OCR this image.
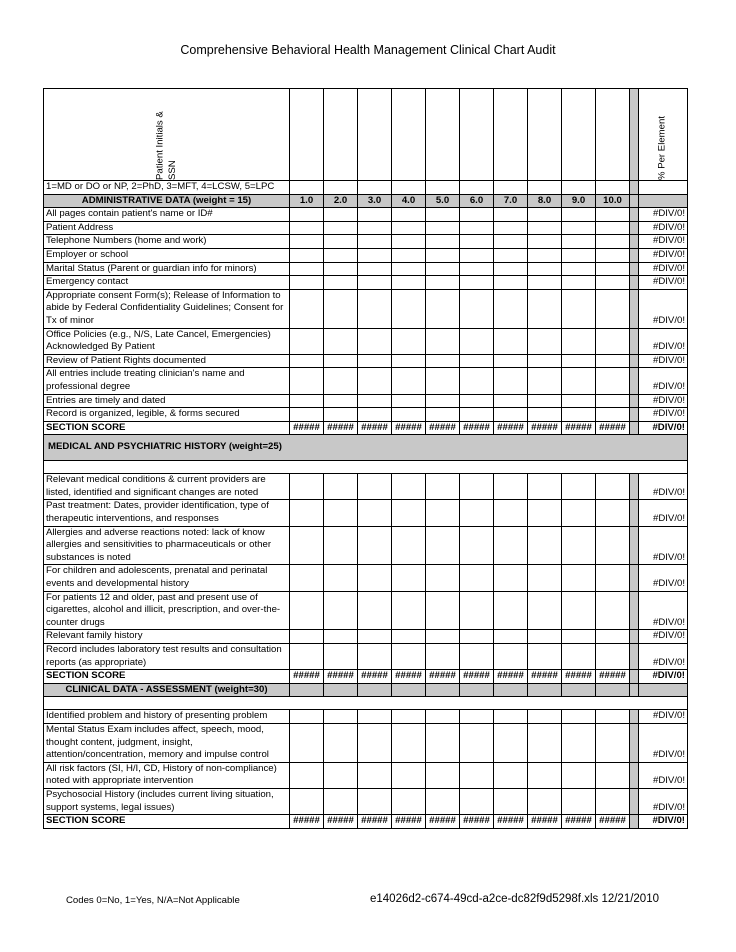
Comprehensive Behavioral Health Management Clinical Chart Audit
Patient Initials & SSN												% Per Element

1=MD or DO or NP, 2=PhD, 3=MFT, 4=LCSW, 5=LPC												
ADMINISTRATIVE DATA (weight = 15)	1.0	2.0	3.0	4.0	5.0	6.0	7.0	8.0	9.0	10.0		
All pages contain patient's name or ID#												#DIV/0!
Patient Address												#DIV/0!
Telephone Numbers (home and work)												#DIV/0!
Employer or school												#DIV/0!
Marital Status (Parent or guardian info for minors)												#DIV/0!
Emergency contact												#DIV/0!
Appropriate consent Form(s); Release of Information to abide by Federal Confidentiality Guidelines; Consent for Tx of minor												#DIV/0!
Office Policies (e.g., N/S, Late Cancel, Emergencies) Acknowledged By Patient												#DIV/0!
Review of Patient Rights documented												#DIV/0!
All entries include treating clinician's name and professional degree												#DIV/0!
Entries are timely and dated												#DIV/0!
Record is organized, legible, & forms secured												#DIV/0!
SECTION SCORE	#####	#####	#####	#####	#####	#####	#####	#####	#####	#####		#DIV/0!
MEDICAL AND PSYCHIATRIC HISTORY (weight=25)												

Relevant medical conditions & current providers are listed, identified and significant changes are noted												#DIV/0!
Past treatment: Dates, provider identification, type of therapeutic interventions, and responses												#DIV/0!
Allergies and adverse reactions noted: lack of know allergies and sensitivities to pharmaceuticals or other substances is noted												#DIV/0!
For children and adolescents, prenatal and perinatal events and developmental history												#DIV/0!
For patients 12 and older, past and present use of cigarettes, alcohol and illicit, prescription, and over-the-counter drugs												#DIV/0!
Relevant family history												#DIV/0!
Record includes laboratory test results and consultation reports (as appropriate)												#DIV/0!
SECTION SCORE	#####	#####	#####	#####	#####	#####	#####	#####	#####	#####		#DIV/0!
CLINICAL DATA - ASSESSMENT (weight=30)												

Identified problem and history of presenting problem												#DIV/0!
Mental Status Exam includes affect, speech, mood, thought content, judgment, insight, attention/concentration, memory and impulse control												#DIV/0!
All risk factors (SI, H/I, CD, History of non-compliance) noted with appropriate intervention												#DIV/0!
Psychosocial History (includes current living situation, support systems, legal issues)												#DIV/0!
SECTION SCORE	#####	#####	#####	#####	#####	#####	#####	#####	#####	#####		#DIV/0!
Codes 0=No, 1=Yes, N/A=Not Applicable	e14026d2-c674-49cd-a2ce-dc82f9d5298f.xls 12/21/2010
